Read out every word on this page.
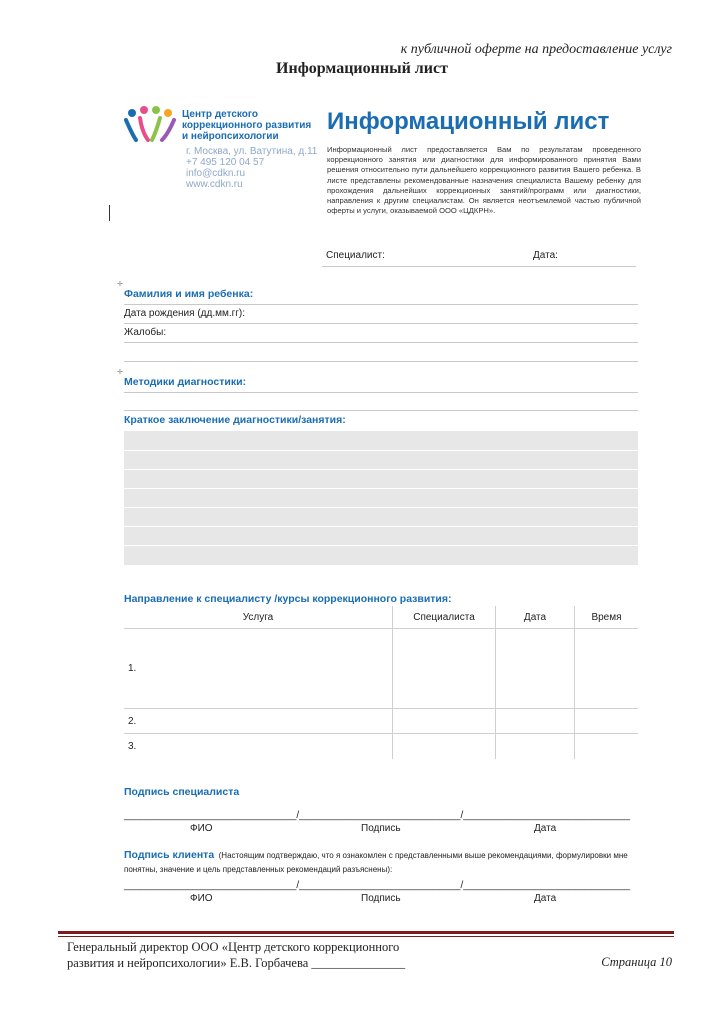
к публичной оферте на предоставление услуг
Информационный лист
Центр детского
коррекционного развития
и нейропсихологии
г. Москва, ул. Ватутина, д.11
+7 495 120 04 57
info@cdkn.ru
www.cdkn.ru
Информационный лист
Информационный лист предоставляется Вам по результатам проведенного коррекционного занятия или диагностики для информированного принятия Вами решения относительно пути дальнейшего коррекционного развития Вашего ребенка. В листе представлены рекомендованные назначения специалиста Вашему ребенку для прохождения дальнейших коррекционных занятий/программ или диагностики, направления к другим специалистам. Он является неотъемлемой частью публичной оферты и услуги, оказываемой ООО «ЦДКРН».
Специалист:	Дата:
✛
Фамилия и имя ребенка:
Дата рождения (дд.мм.гг):
Жалобы:
✛
Методики диагностики:
Краткое заключение диагностики/занятия:
Направление к специалисту /курсы коррекционного развития:
Услуга	Специалиста	Дата	Время
1.			
2.			
3.			
Подпись специалиста
_______________________________/_____________________________/______________________________
ФИО	Подпись	Дата
Подпись клиента (Настоящим подтверждаю, что я ознакомлен с представленными выше рекомендациями, формулировки мне понятны, значение и цель представленных рекомендаций разъяснены):
_______________________________/_____________________________/______________________________
ФИО	Подпись	Дата
Генеральный директор ООО «Центр детского коррекционного
развития и нейропсихологии» Е.В. Горбачева _______________	Страница 10
